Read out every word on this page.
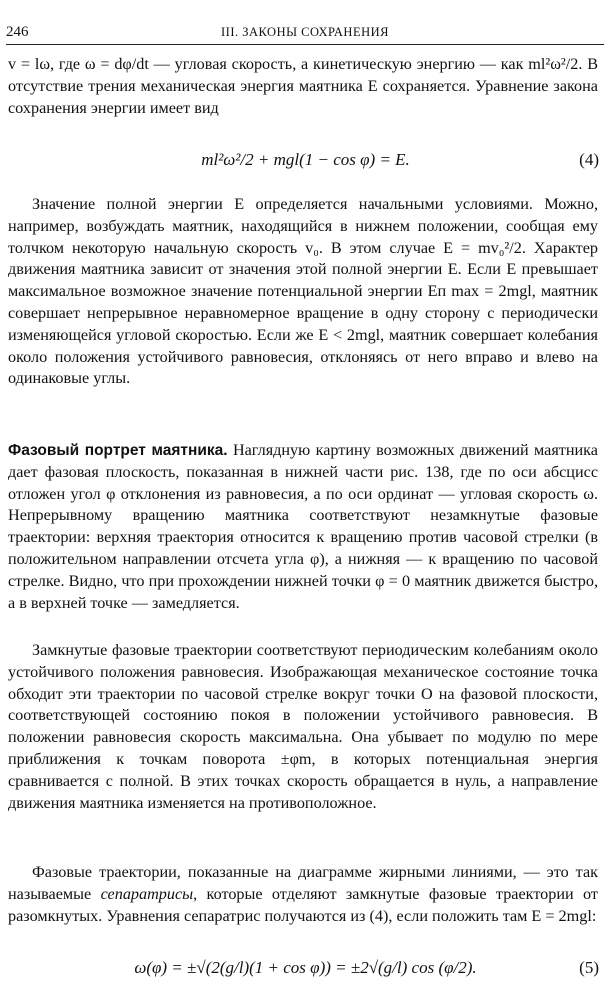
246	III. ЗАКОНЫ СОХРАНЕНИЯ

v = lω, где ω = dφ/dt — угловая скорость, а кинетическую энергию — как ml²ω²/2. В отсутствие трения механическая энергия маятника E сохраняется. Уравнение закона сохранения энергии имеет вид

ml²ω²/2 + mgl(1 − cos φ) = E.	(4)

Значение полной энергии E определяется начальными условиями. Можно, например, возбуждать маятник, находящийся в нижнем положении, сообщая ему толчком некоторую начальную скорость v₀. В этом случае E = mv₀²/2. Характер движения маятника зависит от значения этой полной энергии E. Если E превышает максимальное возможное значение потенциальной энергии Eп max = 2mgl, маятник совершает непрерывное неравномерное вращение в одну сторону с периодически изменяющейся угловой скоростью. Если же E < 2mgl, маятник совершает колебания около положения устойчивого равновесия, отклоняясь от него вправо и влево на одинаковые углы.

Фазовый портрет маятника. Наглядную картину возможных движений маятника дает фазовая плоскость, показанная в нижней части рис. 138, где по оси абсцисс отложен угол φ отклонения из равновесия, а по оси ординат — угловая скорость ω. Непрерывному вращению маятника соответствуют незамкнутые фазовые траектории: верхняя траектория относится к вращению против часовой стрелки (в положительном направлении отсчета угла φ), а нижняя — к вращению по часовой стрелке. Видно, что при прохождении нижней точки φ = 0 маятник движется быстро, а в верхней точке — замедляется.

Замкнутые фазовые траектории соответствуют периодическим колебаниям около устойчивого положения равновесия. Изображающая механическое состояние точка обходит эти траектории по часовой стрелке вокруг точки O на фазовой плоскости, соответствующей состоянию покоя в положении устойчивого равновесия. В положении равновесия скорость максимальна. Она убывает по модулю по мере приближения к точкам поворота ±φm, в которых потенциальная энергия сравнивается с полной. В этих точках скорость обращается в нуль, а направление движения маятника изменяется на противоположное.

Фазовые траектории, показанные на диаграмме жирными линиями, — это так называемые сепаратрисы, которые отделяют замкнутые фазовые траектории от разомкнутых. Уравнения сепаратрис получаются из (4), если положить там E = 2mgl:

ω(φ) = ±√(2(g/l)(1 + cos φ)) = ±2√(g/l) cos (φ/2).	(5)
